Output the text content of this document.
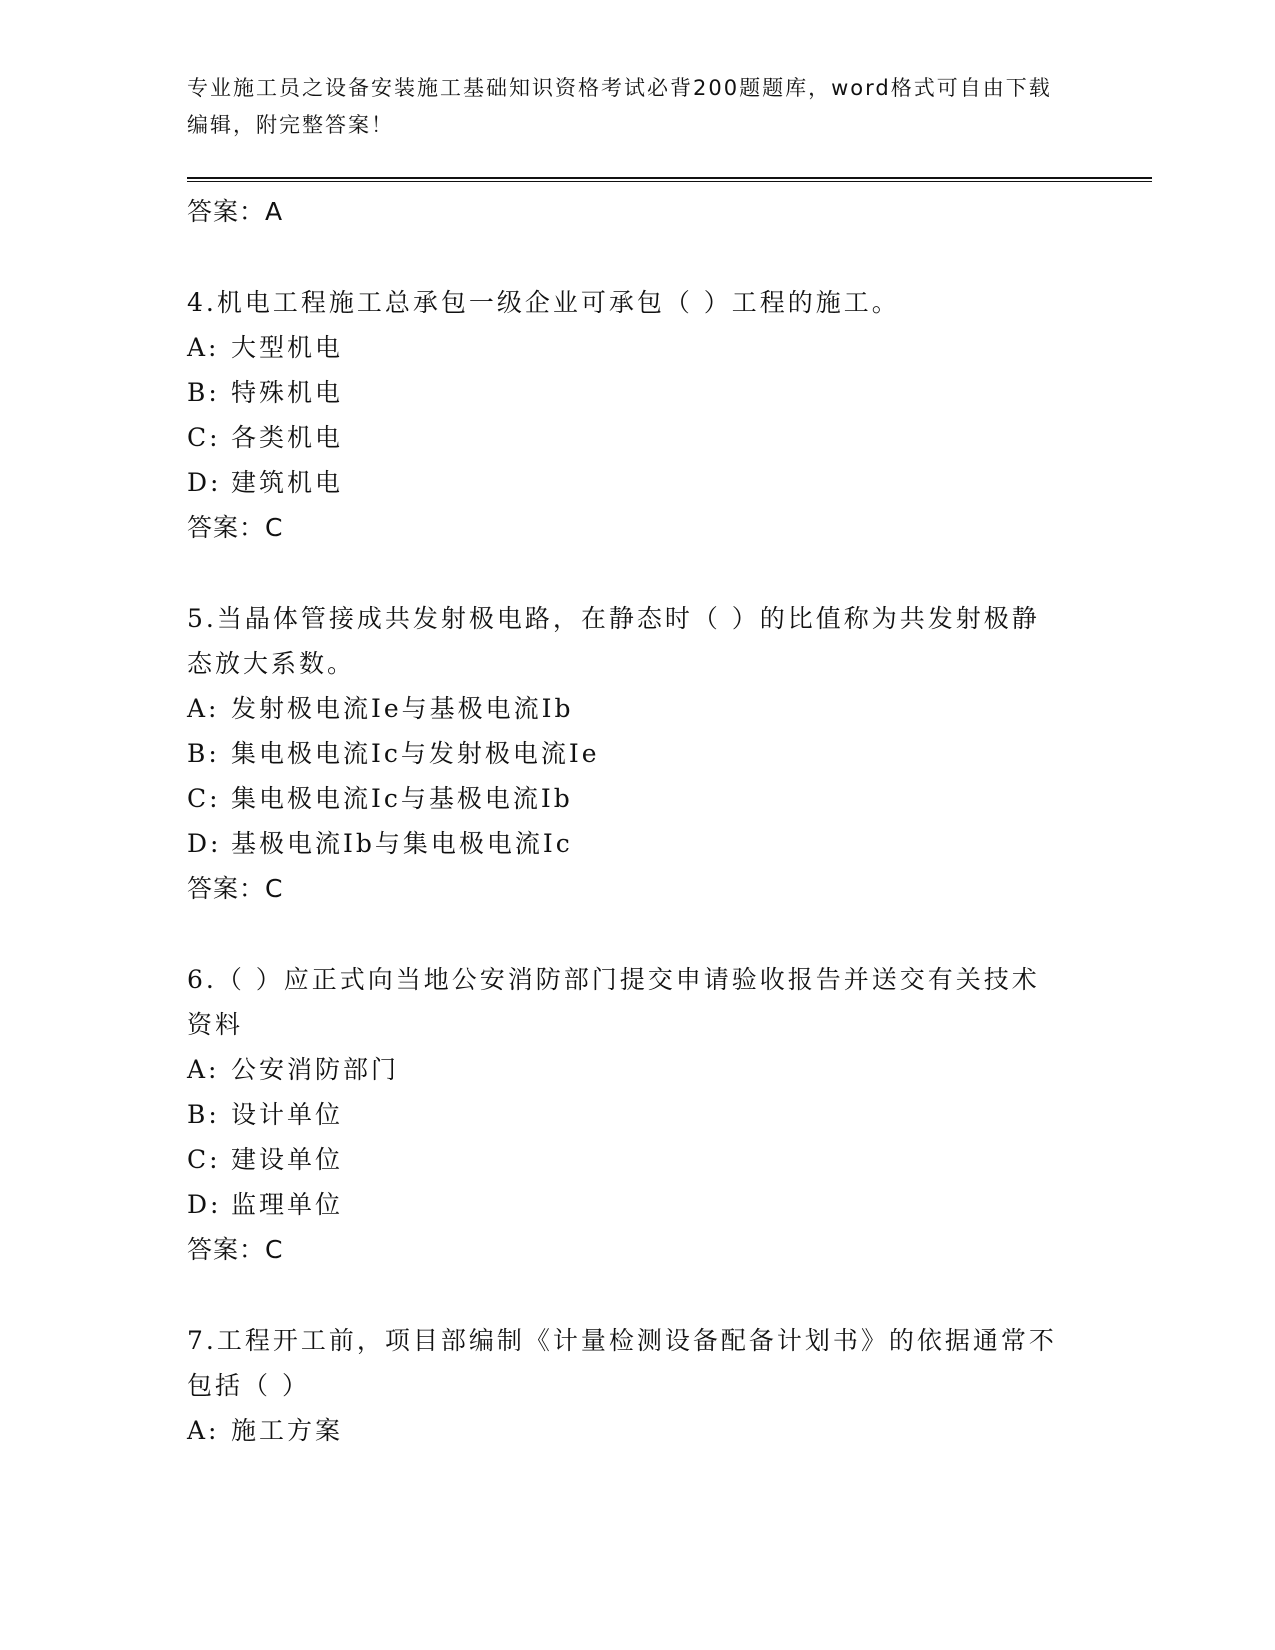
专业施工员之设备安装施工基础知识资格考试必背200题题库，word格式可自由下载编辑，附完整答案！
答案：A
4.机电工程施工总承包一级企业可承包（ ）工程的施工。
A: 大型机电
B: 特殊机电
C: 各类机电
D: 建筑机电
答案：C
5.当晶体管接成共发射极电路，在静态时（ ）的比值称为共发射极静态放大系数。
A: 发射极电流Ie与基极电流Ib
B: 集电极电流Ic与发射极电流Ie
C: 集电极电流Ic与基极电流Ib
D: 基极电流Ib与集电极电流Ic
答案：C
6.（ ）应正式向当地公安消防部门提交申请验收报告并送交有关技术资料
A: 公安消防部门
B: 设计单位
C: 建设单位
D: 监理单位
答案：C
7.工程开工前，项目部编制《计量检测设备配备计划书》的依据通常不包括（ ）
A: 施工方案
